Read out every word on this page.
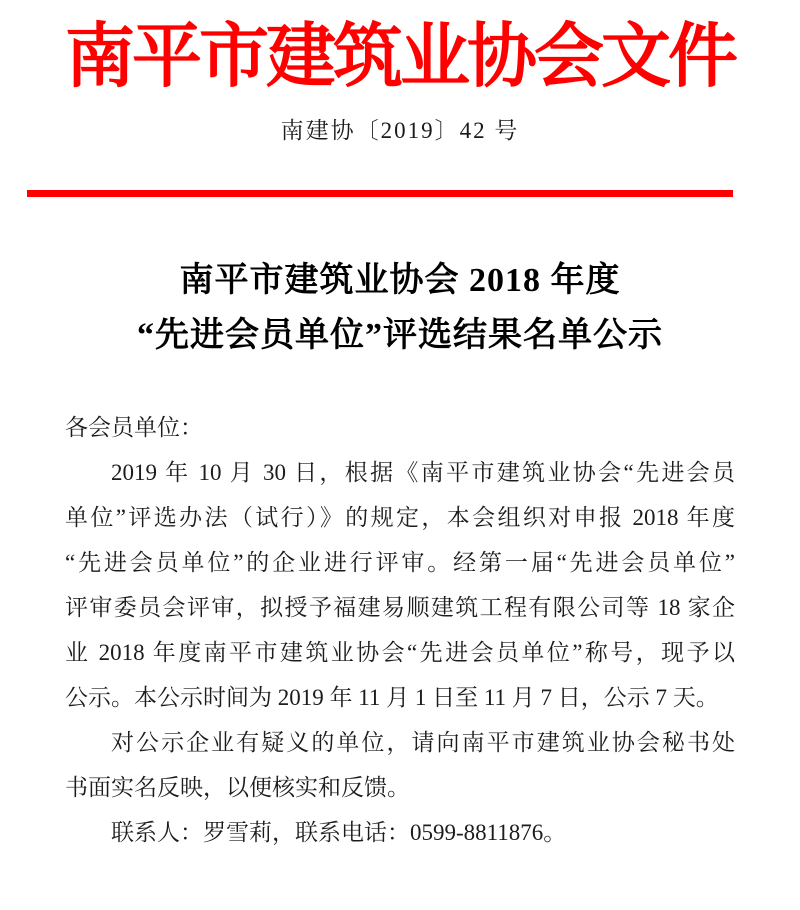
南平市建筑业协会文件
南建协〔2019〕42 号
南平市建筑业协会 2018 年度
“先进会员单位”评选结果名单公示
各会员单位：
2019 年 10 月 30 日，根据《南平市建筑业协会“先进会员
单位”评选办法（试行）》的规定，本会组织对申报 2018 年度
“先进会员单位”的企业进行评审。经第一届“先进会员单位”
评审委员会评审，拟授予福建易顺建筑工程有限公司等 18 家企
业 2018 年度南平市建筑业协会“先进会员单位”称号，现予以
公示。本公示时间为 2019 年 11 月 1 日至 11 月 7 日，公示 7 天。
对公示企业有疑义的单位，请向南平市建筑业协会秘书处
书面实名反映，以便核实和反馈。
联系人：罗雪莉，联系电话：0599-8811876。
